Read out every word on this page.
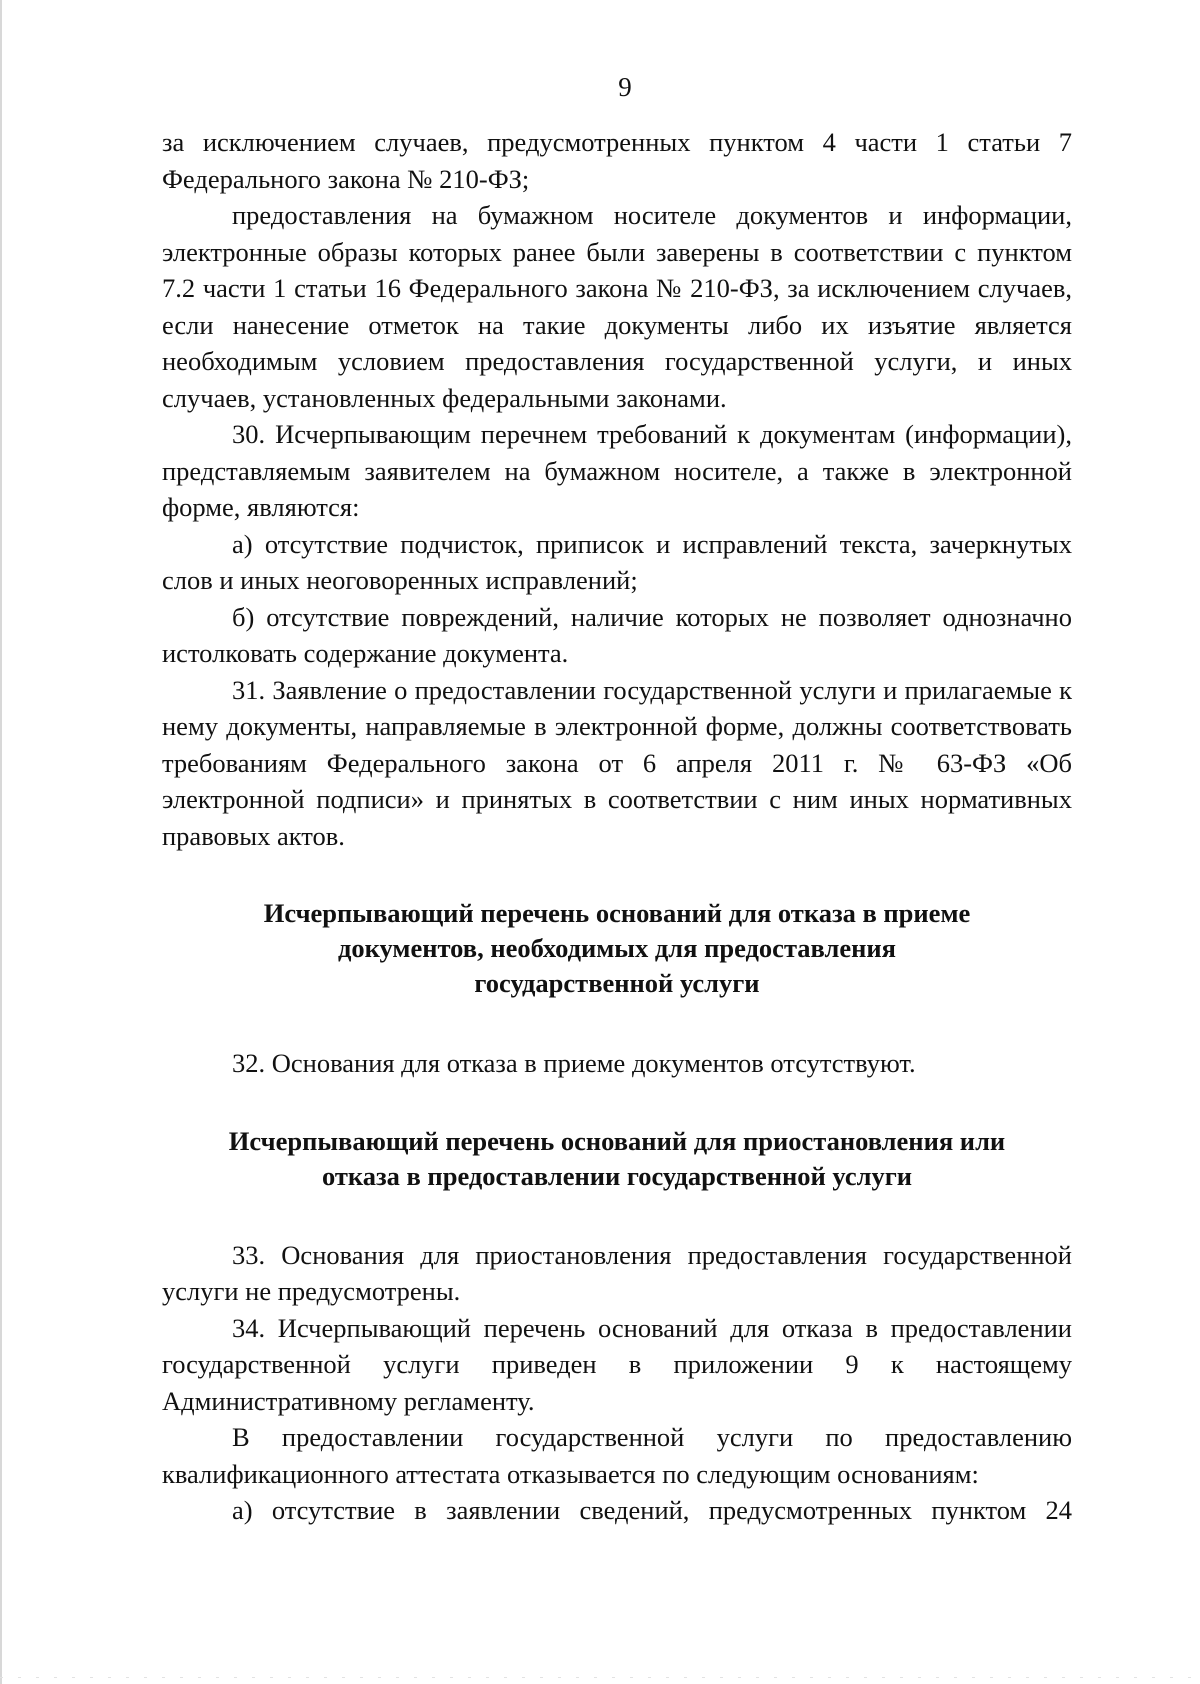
9

за исключением случаев, предусмотренных пунктом 4 части 1 статьи 7 Федерального закона № 210-ФЗ;

предоставления на бумажном носителе документов и информации, электронные образы которых ранее были заверены в соответствии с пунктом 7.2 части 1 статьи 16 Федерального закона № 210-ФЗ, за исключением случаев, если нанесение отметок на такие документы либо их изъятие является необходимым условием предоставления государственной услуги, и иных случаев, установленных федеральными законами.

30. Исчерпывающим перечнем требований к документам (информации), представляемым заявителем на бумажном носителе, а также в электронной форме, являются:

а) отсутствие подчисток, приписок и исправлений текста, зачеркнутых слов и иных неоговоренных исправлений;

б) отсутствие повреждений, наличие которых не позволяет однозначно истолковать содержание документа.

31. Заявление о предоставлении государственной услуги и прилагаемые к нему документы, направляемые в электронной форме, должны соответствовать требованиям Федерального закона от 6 апреля 2011 г. № 63-ФЗ «Об электронной подписи» и принятых в соответствии с ним иных нормативных правовых актов.

Исчерпывающий перечень оснований для отказа в приеме
документов, необходимых для предоставления
государственной услуги

32. Основания для отказа в приеме документов отсутствуют.

Исчерпывающий перечень оснований для приостановления или
отказа в предоставлении государственной услуги

33. Основания для приостановления предоставления государственной услуги не предусмотрены.

34. Исчерпывающий перечень оснований для отказа в предоставлении государственной услуги приведен в приложении 9 к настоящему Административному регламенту.

В предоставлении государственной услуги по предоставлению квалификационного аттестата отказывается по следующим основаниям:

а) отсутствие в заявлении сведений, предусмотренных пунктом 24
